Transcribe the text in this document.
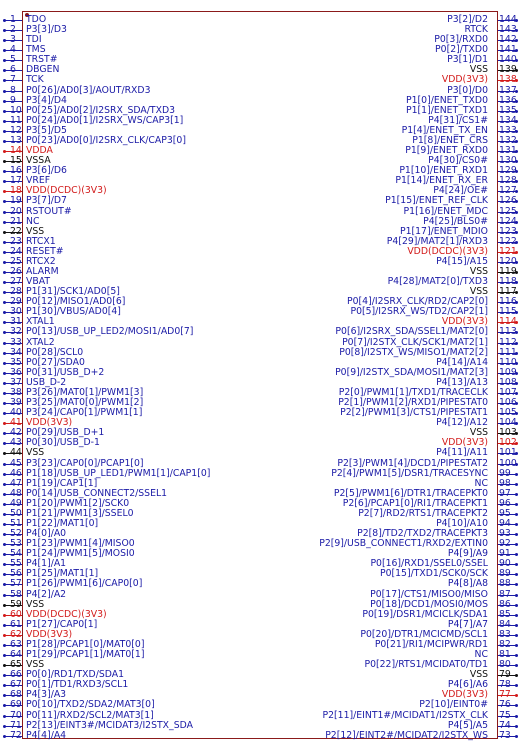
1 TDO
2 P3[3]/D3
3 TDI
4 TMS
5 TRST#
6 DBGEN
7 TCK
8 P0[26]/AD0[3]/AOUT/RXD3
9 P3[4]/D4
10 P0[25]/AD0[2]/I2SRX_SDA/TXD3
11 P0[24]/AD0[1]/I2SRX_WS/CAP3[1]
12 P3[5]/D5
13 P0[23]/AD0[0]/I2SRX_CLK/CAP3[0]
14 VDDA
15 VSSA
16 P3[6]/D6
17 VREF
18 VDD(DCDC)(3V3)
19 P3[7]/D7
20 RSTOUT#
21 NC
22 VSS
23 RTCX1
24 RESET#
25 RTCX2
26 ALARM
27 VBAT
28 P1[31]/SCK1/AD0[5]
29 P0[12]/MISO1/AD0[6]
30 P1[30]/VBUS/AD0[4]
31 XTAL1
32 P0[13]/USB_UP_LED2/MOSI1/AD0[7]
33 XTAL2
34 P0[28]/SCL0
35 P0[27]/SDA0
36 P0[31]/USB_D+2
37 USB_D-2
38 P3[26]/MAT0[1]/PWM1[3]
39 P3[25]/MAT0[0]/PWM1[2]
40 P3[24]/CAP0[1]/PWM1[1]
41 VDD(3V3)
42 P0[29]/USB_D+1
43 P0[30]/USB_D-1
44 VSS
45 P3[23]/CAP0[0]/PCAP1[0]
46 P1[18]/USB_UP_LED1/PWM1[1]/CAP1[0]
47 P1[19]/CAP1[1]
48 P0[14]/USB_CONNECT2/SSEL1
49 P1[20]/PWM1[2]/SCK0
50 P1[21]/PWM1[3]/SSEL0
51 P1[22]/MAT1[0]
52 P4[0]/A0
53 P1[23]/PWM1[4]/MISO0
54 P1[24]/PWM1[5]/MOSI0
55 P4[1]/A1
56 P1[25]/MAT1[1]
57 P1[26]/PWM1[6]/CAP0[0]
58 P4[2]/A2
59 VSS
60 VDD(DCDC)(3V3)
61 P1[27]/CAP0[1]
62 VDD(3V3)
63 P1[28]/PCAP1[0]/MAT0[0]
64 P1[29]/PCAP1[1]/MAT0[1]
65 VSS
66 P0[0]/RD1/TXD/SDA1
67 P0[1]/TD1/RXD3/SCL1
68 P4[3]/A3
69 P0[10]/TXD2/SDA2/MAT3[0]
70 P0[11]/RXD2/SCL2/MAT3[1]
71 P2[13]/EINT3#/MCIDAT3/I2STX_SDA
72 P4[4]/A4
144
P3[2]/D2
143
RTCK
142
P0[3]/RXD0
141
P0[2]/TXD0
140
P3[1]/D1
139
VSS
138
VDD(3V3)
137
P3[0]/D0
136
P1[0]/ENET_TXD0
135
P1[1]/ENET_TXD1
134
P4[31]/CS1#
133
P1[4]/ENET_TX_EN
132
P1[8]/ENET_CRS
131
P1[9]/ENET_RXD0
130
P4[30]/CS0#
129
P1[10]/ENET_RXD1
128
P1[14]/ENET_RX_ER
127
P4[24]/OE#
126
P1[15]/ENET_REF_CLK
125
P1[16]/ENET_MDC
124
P4[25]/BLS0#
123
P1[17]/ENET_MDIO
122
P4[29]/MAT2[1]/RXD3
121
VDD(DCDC)(3V3)
120
P4[15]/A15
119
VSS
118
P4[28]/MAT2[0]/TXD3
117
VSS
116
P0[4]/I2SRX_CLK/RD2/CAP2[0]
115
P0[5]/I2SRX_WS/TD2/CAP2[1]
114
VDD(3V3)
113
P0[6]/I2SRX_SDA/SSEL1/MAT2[0]
112
P0[7]/I2STX_CLK/SCK1/MAT2[1]
111
P0[8]/I2STX_WS/MISO1/MAT2[2]
110
P4[14]/A14
109
P0[9]/I2STX_SDA/MOSI1/MAT2[3]
108
P4[13]/A13
107
P2[0]/PWM1[1]/TXD1/TRACECLK
106
P2[1]/PWM1[2]/RXD1/PIPESTAT0
105
P2[2]/PWM1[3]/CTS1/PIPESTAT1
104
P4[12]/A12
103
VSS
102
VDD(3V3)
101
P4[11]/A11
100
P2[3]/PWM1[4]/DCD1/PIPESTAT2
99
P2[4]/PWM1[5]/DSR1/TRACESYNC
98
NC
97
P2[5]/PWM1[6]/DTR1/TRACEPKT0
96
P2[6]/PCAP1[0]/RI1/TRACEPKT1
95
P2[7]/RD2/RTS1/TRACEPKT2
94
P4[10]/A10
93
P2[8]/TD2/TXD2/TRACEPKT3
92
P2[9]/USB_CONNECT1/RXD2/EXTIN0
91
P4[9]/A9
90
P0[16]/RXD1/SSEL0/SSEL
89
P0[15]/TXD1/SCK0/SCK
88
P4[8]/A8
87
P0[17]/CTS1/MISO0/MISO
86
P0[18]/DCD1/MOSI0/MOS
85
P0[19]/DSR1/MCICLK/SDA1
84
P4[7]/A7
83
P0[20]/DTR1/MCICMD/SCL1
82
P0[21]/RI1/MCIPWR/RD1
81
NC
80
P0[22]/RTS1/MCIDAT0/TD1
79
VSS
78
P4[6]/A6
77
VDD(3V3)
76
P2[10]/EINT0#
75
P2[11]/EINT1#/MCIDAT1/I2STX_CLK
74
P4[5]/A5
73
P2[12]/EINT2#/MCIDAT2/I2STX_WS
